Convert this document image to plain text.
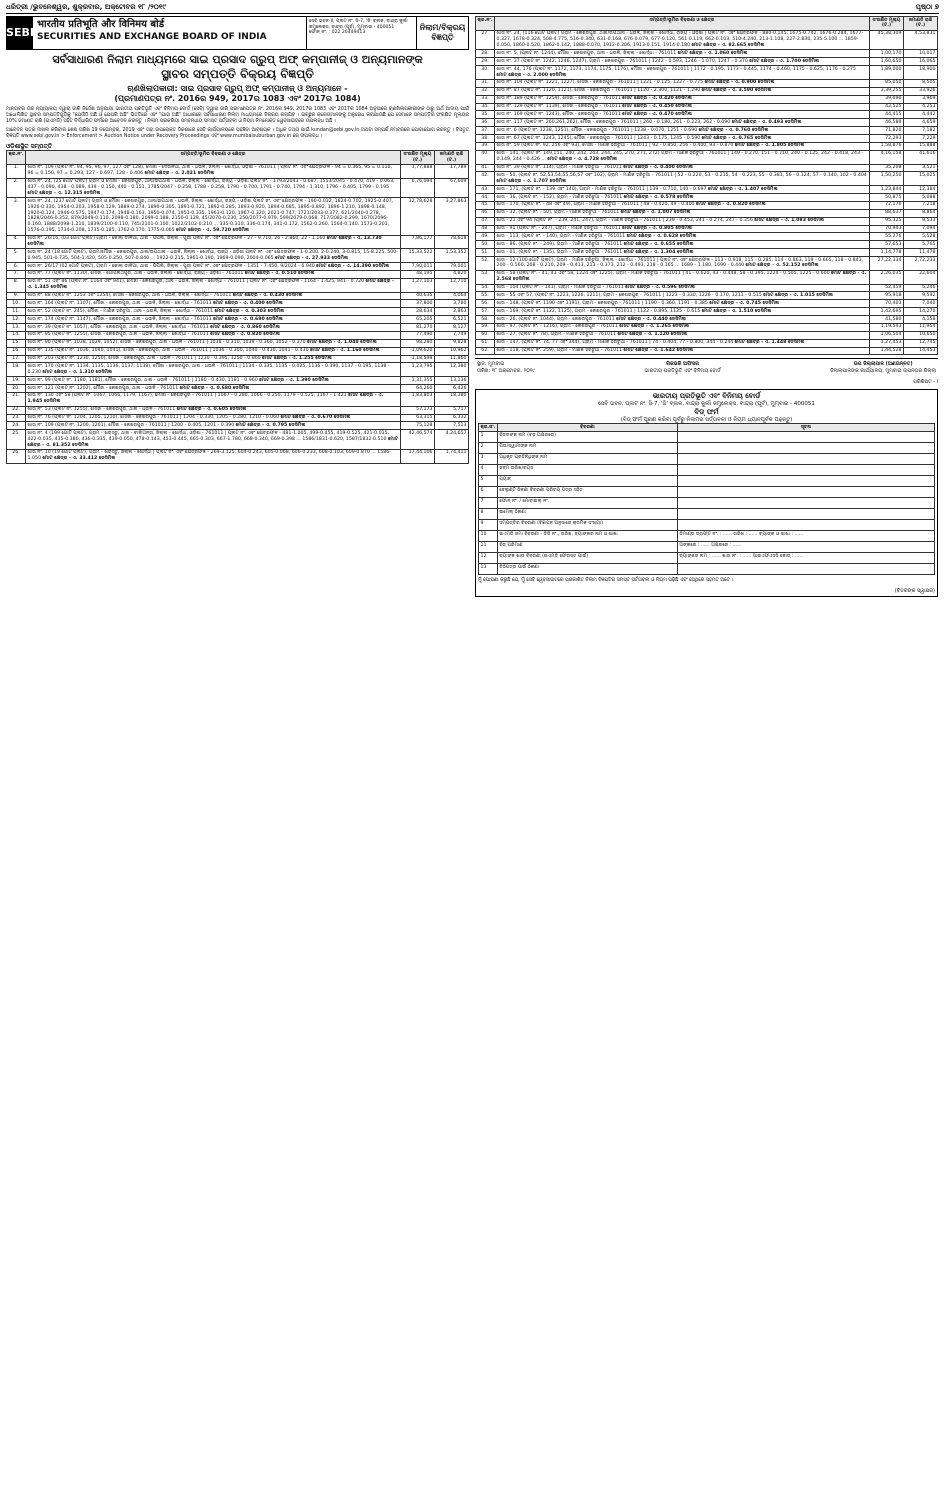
ଧରିତ୍ରୀ ‌/ଭୁବନେଶ୍ୱର, ଶୁକ୍ରବାର, ଅକ୍ଟୋବର ୧୮ /୨୦୧୯	ପୃଷ୍ଠା ୭
SEBI
भारतीय प्रतिभूति और विनिमय बोर्ड
SECURITIES AND EXCHANGE BOARD OF INDIA
ସେବି ଭବନ-II, ପ୍ଲଟ ନଂ. ସି-7, 'ଜି' ବ୍ଲକ, ବାନ୍ଦ୍ରା କୁର୍ଲା କମ୍ପ୍ଲେକ୍ସ, ବାନ୍ଦ୍ରା (ପୂର୍ବ), ମୁମ୍ବାଇ - 400051
ଫୋନ୍ ନଂ. : 022 26449413
ନିଲାମ/ବିକ୍ରୟ ବିଜ୍ଞପ୍ତି
ସର୍ବସାଧାରଣ ନିଲାମ ମାଧ୍ୟମରେ ସାଇ ପ୍ରସାଦ ଗ୍ରୁପ୍ ଅଫ୍ କମ୍ପାନୀଜ୍ ଓ ଅନ୍ୟମାନଙ୍କ
ସ୍ଥାବର ସମ୍ପତ୍ତି ବିକ୍ରୟ ବିଜ୍ଞପ୍ତି
ଋଣଖିଲାପକାରୀ: ସାଇ ପ୍ରସାଦ ଗ୍ରୁପ୍ ଅଫ୍ କମ୍ପାନୀଜ୍ ଓ ଅନ୍ୟମାନେ -
(ପ୍ରମାଣପତ୍ର ନଂ. 2016ର 949, 2017ର 1083 ଏବଂ 2017ର 1084)

ମାନ୍ୟବର ଉଚ୍ଚ ନ୍ୟାୟାଳୟ ଦ୍ୱାରା ଜାରି ନିର୍ଦ୍ଦେଶ ଅନୁଯାୟୀ ଭାରତୀୟ ପ୍ରତିଭୂତି ଏବଂ ବିନିମୟ ବୋର୍ଡ (ସେବି) ଦ୍ୱାରା ଜାରି ପ୍ରମାଣପତ୍ର ନଂ. 2016ର 949, 2017ର 1083 ଏବଂ 2017ର 1084 ଅନୁସାରେ ଋଣଖିଲାପକାରୀଙ୍କ ଠାରୁ ଅର୍ଥ ଆଦାୟ ପାଇଁ ଅଧୋଲିଖିତ ସ୍ଥାବର ସମ୍ପତ୍ତିଗୁଡ଼ିକୁ "ଯେଉଁଠି ଅଛି ଓ ଯେପରି ଅଛି" ଭିତ୍ତିରେ ଏବଂ "ଯାହା ଅଛି" ଆଧାରରେ ସର୍ବସାଧାରଣ ନିଲାମ ମାଧ୍ୟମରେ ବିକ୍ରୟ କରାଯିବ । ଇଚ୍ଛୁକ କ୍ରେତାମାନଙ୍କୁ ଅନୁରୋଧ କରାଯାଉଛି ଯେ ସେମାନେ ସମ୍ପତ୍ତିର ସଂରକ୍ଷିତ ମୂଲ୍ୟର 10% ଜମାଣତ ରାଶି (ଇଏମଡି) ସହିତ ନିର୍ଦ୍ଧାରିତ ଫର୍ମରେ ଆବେଦନ କରନ୍ତୁ । ନିଲାମ ପ୍ରକ୍ରିୟା ସମ୍ବନ୍ଧୀୟ ସମସ୍ତ ସର୍ତ୍ତାବଳୀ ଓ ନିୟମ ନିମ୍ନୋକ୍ତ ୱେବସାଇଟରେ ଉପଲବ୍ଧ ଅଛି ।

ଆବେଦନ ପତ୍ର ଦାଖଲ କରିବାର ଶେଷ ତାରିଖ 19 ନଭେମ୍ବର, 2019 ଏବଂ ତାହା ଉପରୋକ୍ତ ଠିକଣାରେ ସେବି କାର୍ଯ୍ୟାଳୟରେ ପହଞ୍ଚିବା ଆବଶ୍ୟକ । ଅଧିକ ତଥ୍ୟ ପାଇଁ kundan@sebi.gov.in ଅଥବା ସମ୍ପର୍କ ନମ୍ବରରେ ଯୋଗାଯୋଗ କରନ୍ତୁ । ବିସ୍ତୃତ ବିଜ୍ଞପ୍ତି www.sebi.gov.in > Enforcement > Auction Notice under Recovery Proceedings ଏବଂ www.mumbaisuburban.gov.in ରେ ଉପଲବ୍ଧ ।

ଓଡ଼ିଶାସ୍ଥିତ ସମ୍ପତ୍ତି
କ୍ର.ନଂ.	ସମ୍ପତ୍ତି/ଭୂମିର ବିବରଣୀ ଓ କ୍ଷେତ୍ର	ସଂରକ୍ଷିତ ମୂଲ୍ୟ (ଟ.)	ଜମାଣତି ରାଶି (ଟ.)
1.	ଖାତା ନଂ. 109 (ପ୍ଲଟ ନଂ. 94, 95, 96, 97, 127 ଏବଂ 128), ମୌଜା - ଦେଉଳିଆ, ଥାନା - ଧଉଳି, ଜିଲ୍ଲା - ଖୋର୍ଦ୍ଧା, ଓଡ଼ିଶା - 761011 | ପ୍ଲଟ ନଂ. ଏବଂ କ୍ଷେତ୍ରଫଳ - 94 = 0.365, 95 = 0.110, 96 = 0.150, 97 = 0.293, 127 - 0.697, 128 - 0.406 ମୋଟ କ୍ଷେତ୍ର - ଏ. 2.021 ଡେସିମିଲ	1,77,888	17,789
2.	ଖାତା ନଂ. 24, (25 ଗୋଟି ପ୍ଲଟ) ଗ୍ରାମ ଓ ମୌଜା - କେଶରପୁର, ଥାନା/ଉପଥାନା - ଧଉଳି, ଜିଲ୍ଲା - ଖୋର୍ଦ୍ଧା, ରାଜ୍ୟ - ଓଡ଼ିଶା ପ୍ଲଟ ନଂ. - 1793/2043 - 0.687, 1553/2045 - 0.470, 419 - 0.063, 437 - 0.090, 438 - 0.089, 439 - 0.150, 440 - 0.151, 1785/2047 - 0.258, 1788 - 0.258, 1790 - 0.700, 1791 - 0.740, 1794 - 1.310, 1796 - 0.405, 1799 - 0.195 ମୋଟ କ୍ଷେତ୍ର - ଏ. 12.315 ଡେସିମିଲ	6,76,094	67,609
3.	ଖାତା ନଂ. 24, (237 ଗୋଟି ପ୍ଲଟ) ଗ୍ରାମ ଓ ମୌଜା - କେଶରପୁର, ଥାନା/ଉପଥାନା - ଧଉଳି, ଜିଲ୍ଲା - ଖୋର୍ଦ୍ଧା, ରାଜ୍ୟ - ଓଡ଼ିଶା ପ୍ଲଟ ନଂ. ଏବଂ କ୍ଷେତ୍ରଫଳ - 190-0.032, 1824-0.702, 1925-0.407, 1926-0.330, 1954-0.203, 1958-0.129, 1889-0.274, 1890-0.305, 1891-0.721, 1892-0.285, 1893-0.920, 1894-0.685, 1895-0.892, 1896-1.210, 1898-0.148, 1920-0.124, 1946-0.575, 1947-0.174, 1948-0.163, 1950-0.074, 1951-0.335, 1963-0.120, 1967-0.320, 2021-0.747, 1721/2033-0.377, 621/2040-0.278, 1828/2046-0.252, 879/2049-0.110, 2098-0.180, 2099-0.188, 2150-0.129, 45/2070-0.230, 250/2077-0.979, 599/2079-0.068, 717/2082-0.299, 1670/2096-0.160, 1888/2098-1.210, 1839/2100-0.110, 745/2101-0.100, 1022/2102-0.210 ... 335-0.310, 336-0.174, 341-0.172, 1562-0.260, 1564-0.140, 1573-0.201, 1576-0.195, 1734-0.208, 1735-0.185, 1762-0.170, 1775-0.065 ମୋଟ କ୍ଷେତ୍ର - ଏ. 59.720 ଡେସିମିଲ	32,78,628	3,27,863
4.	ଖାତା ନଂ. 26/16, (03 ଗୋଟି ପ୍ଲଟ) ଗ୍ରାମ - କୋଲା ଡାଳିଆ, ଥାନା - ପିପିଲି, ଜିଲ୍ଲା - ପୁରୀ ପ୍ଲଟ ନଂ. ଏବଂ କ୍ଷେତ୍ରଫଳ - 27 - 9.710, 26 - 2.860, 22 - 1.160 ମୋଟ କ୍ଷେତ୍ର - ଏ. 13.730 ଡେସିମିଲ	7,86,177	78,618
5.	ଖାତା ନଂ. 24 (18 ଗୋଟି ପ୍ଲଟ), ଗ୍ରାମ/ମୌଜା - କେଶରପୁର, ଥାନା/ଉପଥାନା - ଧଉଳି, ଜିଲ୍ଲା - ଖୋର୍ଦ୍ଧା, ରାଜ୍ୟ - ଓଡ଼ିଶା ପ୍ଲଟ ନଂ. ଏବଂ କ୍ଷେତ୍ରଫଳ - 1-0.200, 2-0.240, 3-0.815, 15-8.225, 500-0.945, 501-0.735, 504-1.420, 505-0.250, 507-0.840 ... 1922-0.215, 1961-0.190, 1969-0.090, 2004-0.065 ମୋଟ କ୍ଷେତ୍ର - ଏ. 27.933 ଡେସିମିଲ	15,33,522	1,53,352
6.	ଖାତା ନଂ. 26/17 (02 ଗୋଟି ପ୍ଲଟ), ଗ୍ରାମ - କୋଲା ଡାଳିଆ, ଥାନା - ପିପିଲି, ଜିଲ୍ଲା - ପୁରୀ ପ୍ଲଟ ନଂ. ଏବଂ କ୍ଷେତ୍ରଫଳ - 1351 - 7.450, 9/2024 - 6.940 ମୋଟ କ୍ଷେତ୍ର - ଏ. 14.390 ଡେସିମିଲ	7,90,011	79,001
7.	ଖାତା ନଂ. 77 (ପ୍ଲଟ ନଂ. 1130), ମୌଜା - ଗୋପିନାଥପୁର, ଥାନା - ଧଉଳି, ଜିଲ୍ଲା - ଖୋର୍ଦ୍ଧା, ରାଜ୍ୟ - ଓଡ଼ିଶା - 761011 ମୋଟ କ୍ଷେତ୍ର - ଏ. 0.510 ଡେସିମିଲ	48,195	4,820
8.	ଖାତା ନଂ. 51 ଏବଂ 86 (ପ୍ଲଟ ନଂ. 1164 ଏବଂ 941), ମୌଜା - କେଶରପୁର, ଥାନା - ଧଉଳି, ଜିଲ୍ଲା - ଖୋର୍ଦ୍ଧା - 761011 | ପ୍ଲଟ ନଂ. ଏବଂ କ୍ଷେତ୍ରଫଳ - 1164 - 1.425, 941 - 0.720 ମୋଟ କ୍ଷେତ୍ର - ଏ. 1.345 ଡେସିମିଲ	1,27,103	12,710
9.	ଖାତା ନଂ. 88 (ପ୍ଲଟ ନଂ. 1253 ଏବଂ 1254), ମୌଜା - କେଶରପୁର, ଥାନା - ଧଉଳି, ଜିଲ୍ଲା - ଖୋର୍ଦ୍ଧା - 761011 ମୋଟ କ୍ଷେତ୍ର - ଏ. 0.430 ଡେସିମିଲ	40,635	4,064
10.	ଖାତା ନଂ. 164 (ପ୍ଲଟ ନଂ. 1107), ମୌଜା - କେଶରପୁର, ଥାନା - ଧଉଳି, ଜିଲ୍ଲା - ଖୋର୍ଦ୍ଧା - 761011 ମୋଟ କ୍ଷେତ୍ର - ଏ. 0.400 ଡେସିମିଲ	37,800	3,780
11.	ଖାତା ନଂ. 52 (ପ୍ଲଟ ନଂ. 245), ମୌଜା - ମାଣିକ ହରିଚୁଆ, ଥାନା - ଧଉଳି, ଜିଲ୍ଲା - ଖୋର୍ଦ୍ଧା - 761011 ମୋଟ କ୍ଷେତ୍ର - ଏ. 0.303 ଡେସିମିଲ	28,634	2,863
12.	ଖାତା ନଂ. 174 (ପ୍ଲଟ ନଂ. 1147), ମୌଜା - କେଶରପୁର, ଥାନା - ଧଉଳି, ଜିଲ୍ଲା - ଖୋର୍ଦ୍ଧା - 761011 ମୋଟ କ୍ଷେତ୍ର - ଏ. 0.690 ଡେସିମିଲ	65,205	6,521
13.	ଖାତା ନଂ. 39 (ପ୍ଲଟ ନଂ. 1057), ମୌଜା - କେଶରପୁର, ଥାନା - ଧଉଳି, ଜିଲ୍ଲା - ଖୋର୍ଦ୍ଧା - 761011 ମୋଟ କ୍ଷେତ୍ର - ଏ. 0.860 ଡେସିମିଲ	81,270	8,127
14.	ଖାତା ନଂ. 95 (ପ୍ଲଟ ନଂ. 1255), ମୌଜା - କେଶରପୁର, ଥାନା - ଧଉଳି, ଜିଲ୍ଲା - ଖୋର୍ଦ୍ଧା - 761011 ମୋଟ କ୍ଷେତ୍ର - ଏ. 0.820 ଡେସିମିଲ	77,490	7,749
15.	ଖାତା ନଂ. 90 (ପ୍ଲଟ ନଂ. 1038, 1039, 1052), ମୌଜା - କେଶରପୁର, ଥାନା - ଧଉଳି - 761011 | 1038 - 0.310, 1039 - 0.360, 1052 - 0.370 ମୋଟ କ୍ଷେତ୍ର - ଏ. 1.040 ଡେସିମିଲ	98,280	9,828
16.	ଖାତା ନଂ. 135 (ପ୍ଲଟ ନଂ. 1036, 1040, 1041), ମୌଜା - କେଶରପୁର, ଥାନା - ଧଉଳି - 761011 | 1036 - 0.300, 1040 - 0.430, 1041 - 0.430 ମୋଟ କ୍ଷେତ୍ର - ଏ. 1.160 ଡେସିମିଲ	1,09,620	10,962
17.	ଖାତା ନଂ. 203 (ପ୍ଲଟ ନଂ. 1230, 1250), ମୌଜା - କେଶରପୁର, ଥାନା - ଧଉଳି - 761011 | 1230 - 0.395, 1250 - 0.860 ମୋଟ କ୍ଷେତ୍ର - ଏ. 1.255 ଡେସିମିଲ	1,18,598	11,860
18.	ଖାତା ନଂ. 170 (ପ୍ଲଟ ନଂ. 1134, 1135, 1136, 1137, 1138), ମୌଜା - କେଶରପୁର, ଥାନା - ଧଉଳି - 761011 | 1134 - 0.335, 1135 - 0.025, 1136 - 0.390, 1137 - 0.195, 1138 - 0.230 ମୋଟ କ୍ଷେତ୍ର - ଏ. 1.310 ଡେସିମିଲ	1,23,795	12,380
19.	ଖାତା ନଂ. 99 (ପ୍ଲଟ ନଂ. 1180, 1181), ମୌଜା - କେଶରପୁର, ଥାନା - ଧଉଳି - 761011 | 1180 - 0.430, 1181 - 0.960 ମୋଟ କ୍ଷେତ୍ର - ଏ. 1.390 ଡେସିମିଲ	1,31,355	13,136
20.	ଖାତା ନଂ. 121 (ପ୍ଲଟ ନଂ. 1202), ମୌଜା - କେଶରପୁର, ଥାନା - ଧଉଳି - 761011 ମୋଟ କ୍ଷେତ୍ର - ଏ. 0.680 ଡେସିମିଲ	64,260	6,426
21.	ଖାତା ନଂ. 130 ଏବଂ 58 (ପ୍ଲଟ ନଂ. 1067, 1066, 1179, 1167), ମୌଜା - କେଶରପୁର - 761011 | 1067 - 0.280, 1066 - 0.250, 1179 - 0.525, 1167 - 1.421 ମୋଟ କ୍ଷେତ୍ର - ଏ. 1.945 ଡେସିମିଲ	1,83,803	18,380
22.	ଖାତା ନଂ. 53 (ପ୍ଲଟ ନଂ. 1255), ମୌଜା - କେଶରପୁର, ଥାନା - ଧଉଳି - 761011 ମୋଟ କ୍ଷେତ୍ର - ଏ. 0.605 ଡେସିମିଲ	57,173	5,717
23.	ଖାତା ନଂ. 76 (ପ୍ଲଟ ନଂ. 1204, 1205, 1210), ମୌଜା - କେଶରପୁର - 761011 | 1204 - 0.330, 1205 - 0.280, 1210 - 0.060 ମୋଟ କ୍ଷେତ୍ର - ଏ. 0.670 ଡେସିମିଲ	63,315	6,332
24.	ଖାତା ନଂ. 109 (ପ୍ଲଟ ନଂ. 1200, 1201), ମୌଜା - କେଶରପୁର - 761011 | 1200 - 0.405, 1201 - 0.390 ମୋଟ କ୍ଷେତ୍ର - ଏ. 0.795 ଡେସିମିଲ	75,128	7,513
25.	ଖାତା ନଂ. 4 (199 ଗୋଟି ପ୍ଲଟ), ଗ୍ରାମ - ଖରାସ୍ତୁ, ଥାନା - ବାଲିଅନ୍ତା, ଜିଲ୍ଲା - ଖୋର୍ଦ୍ଧା, ଓଡ଼ିଶା - 761011 | ପ୍ଲଟ ନଂ. ଏବଂ କ୍ଷେତ୍ରଫଳ - 481-1.005, 499-0.455, 419-0.525, 421-0.035, 422-0.035, 435-0.380, 436-0.335, 439-0.050, 478-0.143, 453-0.445, 665-0.303, 667-1.780, 668-0.340, 669-0.398 ... 1586/1831-0.620, 1587/1832-0.510 ମୋଟ କ୍ଷେତ୍ର - ଏ. 81.352 ଡେସିମିଲ	42,46,574	4,24,657
26.	ଖାତା ନଂ. 10 (19 ଗୋଟି ପ୍ଲଟ), ଗ୍ରାମ - ଖରାସ୍ତୁ, ଜିଲ୍ଲା - ଖୋର୍ଦ୍ଧା | ପ୍ଲଟ ନଂ. ଏବଂ କ୍ଷେତ୍ରଫଳ - 269-3.125, 604-0.243, 605-0.068, 606-0.233, 608-0.103, 609-0.870 ... 1586-1.050 ମୋଟ କ୍ଷେତ୍ର - ଏ. 33.412 ଡେସିମିଲ	17,44,106	1,74,411
କ୍ର.ନଂ.	ସମ୍ପତ୍ତି/ଭୂମିର ବିବରଣୀ ଓ କ୍ଷେତ୍ର	ସଂରକ୍ଷିତ ମୂଲ୍ୟ (ଟ.)	ଜମାଣତି ରାଶି (ଟ.)
27.	ଖାତା ନଂ. 24, (116 ଗୋଟି ପ୍ଲଟ) ଗ୍ରାମ - କେଶରପୁର, ଥାନା/ଉପଥାନା - ଧଉଳି, ଜିଲ୍ଲା - ଖୋର୍ଦ୍ଧା, ରାଜ୍ୟ - ଓଡ଼ିଶା | ପ୍ଲଟ ନଂ. ଏବଂ କ୍ଷେତ୍ରଫଳ - 880-0.145, 1675-0.742, 1676-0.284, 1677-0.327, 1678-0.324, 508-4.775, 516-0.340, 631-0.168, 676-0.079, 677-0.120, 561-0.119, 662-0.103, 510-4.240, 213-1.108, 227-2.830, 235-5.100 ... 1859-0.050, 1860-0.520, 1862-0.142, 1888-0.070, 1912-0.206, 1913-0.151, 1914-0.180 ମୋଟ କ୍ଷେତ୍ର - ଏ. 82.665 ଡେସିମିଲ	45,38,309	4,53,831
28.	ଖାତା ନଂ. 5, (ପ୍ଲଟ ନଂ. 1244), ମୌଜା - କେଶରପୁର, ଥାନା - ଧଉଳି, ଜିଲ୍ଲା - ଖୋର୍ଦ୍ଧା - 761011 ମୋଟ କ୍ଷେତ୍ର - ଏ. 1.060 ଡେସିମିଲ	1,00,170	10,017
29.	ଖାତା ନଂ. 37 (ପ୍ଲଟ ନଂ. 1242, 1246, 1247), ଗ୍ରାମ - କେଶରପୁର - 761011 | 1242 - 0.593, 1246 - 1.070, 1247 - 0.370 ମୋଟ କ୍ଷେତ୍ର - ଏ. 1.700 ଡେସିମିଲ	1,60,650	16,065
30.	ଖାତା ନଂ. 44, 176 (ପ୍ଲଟ ନଂ. 1172, 1173, 1174, 1175, 1176), ମୌଜା - କେଶରପୁର - 761011 | 1172 - 0.195, 1173 - 0.445, 1174 - 0.460, 1175 - 0.625, 1176 - 0.275 ମୋଟ କ୍ଷେତ୍ର - ଏ. 2.000 ଡେସିମିଲ	1,89,000	18,900
31.	ଖାତା ନଂ. 104 (ପ୍ଲଟ ନଂ. 1221, 1227), ମୌଜା - କେଶରପୁର - 761011 | 1221 - 0.125, 1227 - 0.775 ମୋଟ କ୍ଷେତ୍ର - ଏ. 0.900 ଡେସିମିଲ	85,050	8,505
32.	ଖାତା ନଂ. 87 (ପ୍ଲଟ ନଂ. 1120, 1121), ମୌଜା - କେଶରପୁର - 761011 | 1120 - 2.300, 1121 - 1.290 ମୋଟ କ୍ଷେତ୍ର - ଏ. 3.590 ଡେସିମିଲ	3,39,255	33,926
33.	ଖାତା ନଂ. 189 (ପ୍ଲଟ ନଂ. 1259), ମୌଜା - କେଶରପୁର - 761011 ମୋଟ କ୍ଷେତ୍ର - ଏ. 0.420 ଡେସିମିଲ	39,690	3,969
34.	ଖାତା ନଂ. 129 (ପ୍ଲଟ ନଂ. 1139), ମୌଜା - କେଶରପୁର - 761011 ମୋଟ କ୍ଷେତ୍ର - ଏ. 0.450 ଡେସିମିଲ	42,525	4,253
35.	ଖାତା ନଂ. 169 (ପ୍ଲଟ ନଂ. 1243), ମୌଜା - କେଶରପୁର - 761011 ମୋଟ କ୍ଷେତ୍ର - ଏ. 0.470 ଡେସିମିଲ	44,415	4,442
36.	ଖାତା ନଂ. 117 (ପ୍ଲଟ ନଂ. 260,261,262), ମୌଜା - କେଶରପୁର - 761011 | 260 - 0.180, 261 - 0.223, 262 - 0.090 ମୋଟ କ୍ଷେତ୍ର - ଏ. 0.493 ଡେସିମିଲ	46,589	4,659
37.	ଖାତା ନଂ. 6 (ପ୍ଲଟ ନଂ. 1238, 1251), ମୌଜା - କେଶରପୁର - 761011 | 1238 - 0.070, 1251 - 0.690 ମୋଟ କ୍ଷେତ୍ର - ଏ. 0.760 ଡେସିମିଲ	71,820	7,182
38.	ଖାତା ନଂ. 67 (ପ୍ଲଟ ନଂ. 1243, 1245), ମୌଜା - କେଶରପୁର - 761011 | 1243 - 0.175, 1245 - 0.590 ମୋଟ କ୍ଷେତ୍ର - ଏ. 0.765 ଡେସିମିଲ	72,293	7,229
39.	ଖାତା ନଂ. 59 (ପ୍ଲଟ ନଂ. 92, 256 ଏବଂ 93), ମୌଜା - ମାଣିକ ହରିଚୁଆ - 761011 | 92 - 0.850, 256 - 0.400, 93 - 0.870 ମୋଟ କ୍ଷେତ୍ର - ଏ. 1.805 ଡେସିମିଲ	1,58,876	15,888
40.	ଖାତା - 141, (ପ୍ଲଟ ନଂ. 149,151, 240, 242, 243, 244, 245, 270, 271, 272) ଗ୍ରାମ - ମାଣିକ ହରିଚୁଆ - 761011 | 149 - 0.270, 151 - 0.710, 240 - 0.125, 242 - 0.418, 243 - 0.149, 244 - 0.426 ... ମୋଟ କ୍ଷେତ୍ର - ଏ. 4.728 ଡେସିମିଲ	4,16,158	41,616
41.	ଖାତା ନଂ. 39 (ପ୍ଲଟ ନଂ. 114), ଗ୍ରାମ - ମାଣିକ ହରିଚୁଆ - 761011 ମୋଟ କ୍ଷେତ୍ର - ଏ. 0.400 ଡେସିମିଲ	35,208	3,521
42.	ଖାତା - 50, (ପ୍ଲଟ ନଂ. 52,53,54,55,56,57 ଏବଂ 102), ଗ୍ରାମ - ମାଣିକ ହରିଚୁଆ - 761011 | 52 - 0.220, 53 - 0.215, 54 - 0.223, 55 - 0.381, 56 - 0.124, 57 - 0.140, 102 - 0.404 ମୋଟ କ୍ଷେତ୍ର - ଏ. 1.707 ଡେସିମିଲ	1,50,250	15,025
43.	ଖାତା - 171, (ପ୍ଲଟ ନଂ. - 139 ଏବଂ 140), ଗ୍ରାମ - ମାଣିକ ହରିଚୁଆ - 761011 | 139 - 0.710, 140 - 0.697 ମୋଟ କ୍ଷେତ୍ର - ଏ. 1.407 ଡେସିମିଲ	1,23,844	12,384
44.	ଖାତା - 36, (ପ୍ଲଟ ନଂ. - 152), ଗ୍ରାମ - ମାଣିକ ହରିଚୁଆ - 761011 ମୋଟ କ୍ଷେତ୍ର - ଏ. 0.578 ଡେସିମିଲ	50,875	5,088
45.	ଖାତା - 170, (ପ୍ଲଟ ନଂ. - 48 ଏବଂ 49), ଗ୍ରାମ - ମାଣିକ ହରିଚୁଆ - 761011 | 48 - 0.420, 49 - 0.400 ମୋଟ କ୍ଷେତ୍ର - ଏ. 0.820 ଡେସିମିଲ	72,176	7,218
46.	ଖାତା - 32, (ପ୍ଲଟ ନଂ. - 50), ଗ୍ରାମ - ମାଣିକ ହରିଚୁଆ - 761011 ମୋଟ କ୍ଷେତ୍ର - ଏ. 1.007 ଡେସିମିଲ	88,637	8,864
47.	ଖାତା - 21 ଏବଂ 94 (ପ୍ଲଟ ନଂ. - 239, 241, 247), ଗ୍ରାମ - ମାଣିକ ହରିଚୁଆ - 761011 | 239 - 0.453, 241 - 0.274, 247 - 0.356 ମୋଟ କ୍ଷେତ୍ର - ଏ. 1.083 ଡେସିମିଲ	95,325	9,533
48.	ଖାତା - 91 (ପ୍ଲଟ ନଂ. - 247), ଗ୍ରାମ - ମାଣିକ ହରିଚୁଆ - 761011 ମୋଟ କ୍ଷେତ୍ର - ଏ. 0.805 ଡେସିମିଲ	70,943	7,094
49.	ଖାତା - 113, (ପ୍ଲଟ ନଂ. - 140), ଗ୍ରାମ - ମାଣିକ ହରିଚୁଆ - 761011 ମୋଟ କ୍ଷେତ୍ର - ଏ. 0.628 ଡେସିମିଲ	55,276	5,528
50.	ଖାତା - 86, (ପ୍ଲଟ ନଂ. - 249), ଗ୍ରାମ - ମାଣିକ ହରିଚୁଆ - 761011 ମୋଟ କ୍ଷେତ୍ର - ଏ. 0.655 ଡେସିମିଲ	57,653	5,765
51.	ଖାତା - 01, (ପ୍ଲଟ ନଂ. - 135), ଗ୍ରାମ - ମାଣିକ ହରିଚୁଆ - 761011 ମୋଟ କ୍ଷେତ୍ର - ଏ. 1.304 ଡେସିମିଲ	1,14,778	11,478
52.	ଖାତା - 12 (100 ଗୋଟି ପ୍ଲଟ), ଗ୍ରାମ - ମାଣିକ ହରିଚୁଆ, ଜିଲ୍ଲା - ଖୋର୍ଦ୍ଧା - 761011 | ପ୍ଲଟ ନଂ. ଏବଂ କ୍ଷେତ୍ରଫଳ - 113 - 0.918, 115 - 0.285, 114 - 0.863, 119 - 0.665, 118 - 0.843, 200 - 0.560, 208 - 0.210, 209 - 0.413, 213 - 0.373, 212 - 0.493, 218 - 0.165 ... 1689 - 1.180, 1690 - 0.440 ମୋଟ କ୍ଷେତ୍ର - ଏ. 52.152 ଡେସିମିଲ	27,22,334	2,72,233
53.	ଖାତା - 58 (ପ୍ଲଟ ନଂ. - 41, 43 ଏବଂ 58, 1224 ଏବଂ 1225), ଗ୍ରାମ - ମାଣିକ ହରିଚୁଆ - 761011 | 41 - 0.620, 43 - 0.448, 58 - 0.395, 1224 - 0.505, 1225 - 0.600 ମୋଟ କ୍ଷେତ୍ର - ଏ. 2.568 ଡେସିମିଲ	2,26,035	22,604
54.	ଖାତା - 104 (ପ୍ଲଟ ନଂ. - 141), ଗ୍ରାମ - ମାଣିକ ହରିଚୁଆ - 761011 ମୋଟ କ୍ଷେତ୍ର - ଏ. 0.596 ଡେସିମିଲ	52,459	5,246
55.	ଖାତା - 55 ଏବଂ 57, (ପ୍ଲଟ ନଂ. 1223, 1226, 1211), ଗ୍ରାମ - କେଶରପୁର - 761011 | 1223 - 0.330, 1226 - 0.170, 1211 - 0.515 ମୋଟ କ୍ଷେତ୍ର - ଏ. 1.015 ଡେସିମିଲ	95,918	9,592
56.	ଖାତା - 148, (ପ୍ଲଟ ନଂ. 1190 ଏବଂ 1191), ଗ୍ରାମ - କେଶରପୁର - 761011 | 1190 - 0.360, 1191 - 0.385 ମୋଟ କ୍ଷେତ୍ର - ଏ. 0.745 ଡେସିମିଲ	70,403	7,040
57.	ଖାତା - 169, (ପ୍ଲଟ ନଂ. 1122, 1125), ଗ୍ରାମ - କେଶରପୁର - 761011 | 1122 - 0.895, 1125 - 0.615 ମୋଟ କ୍ଷେତ୍ର - ଏ. 1.510 ଡେସିମିଲ	1,42,695	14,270
58.	ଖାତା - 26, (ପ୍ଲଟ ନଂ. 1044), ଗ୍ରାମ - କେଶରପୁର - 761011 ମୋଟ କ୍ଷେତ୍ର - ଏ. 0.440 ଡେସିମିଲ	41,580	4,158
59.	ଖାତା - 97, (ପ୍ଲଟ ନଂ. - 1216), ଗ୍ରାମ - କେଶରପୁର - 761011 ମୋଟ କ୍ଷେତ୍ର - ଏ. 1.265 ଡେସିମିଲ	1,19,543	11,954
60.	ଖାତା - 27, (ପ୍ଲଟ ନଂ. 78), ଗ୍ରାମ - ମାଣିକ ହରିଚୁଆ - 761011 ମୋଟ କ୍ଷେତ୍ର - ଏ. 1.120 ଡେସିମିଲ	1,06,504	10,650
61.	ଖାତା - 147, (ପ୍ଲଟ ନଂ. 74, 77 ଏବଂ 344), ଗ୍ରାମ - ମାଣିକ ହରିଚୁଆ - 761011 | 74 - 0.404, 77 - 0.800, 344 - 0.244 ମୋଟ କ୍ଷେତ୍ର - ଏ. 1.448 ଡେସିମିଲ	1,27,453	12,745
62.	ଖାତା - 118, (ପ୍ଲଟ ନଂ. 259), ଗ୍ରାମ - ମାଣିକ ହରିଚୁଆ - 761011 ମୋଟ କ୍ଷେତ୍ର - ଏ. 1.642 ଡେସିମିଲ	1,44,528	14,453
ସ୍ଥାନ: ମୁମ୍ବାଇ
ତାରିଖ: ୧୮ ଅକ୍ଟୋବର, ୨୦୧୯
ରିକଭରି ଅଫିସର
ଭାରତୀୟ ପ୍ରତିଭୂତି ଏବଂ ବିନିମୟ ବୋର୍ଡ
ଉପ ଜିଲ୍ଲାପାଳ (ଅଣଉନ୍ନତ)
ଜିଲ୍ଲାପାଳଙ୍କ କାର୍ଯ୍ୟାଳୟ, ମୁମ୍ବାଇ ଉପନଗର ଜିଲ୍ଲା
ପରିଶିଷ୍ଟ - I
ଭାରତୀୟ ପ୍ରତିଭୂତି ଏବଂ ବିନିମୟ ବୋର୍ଡ
ସେବି ଭବନ, ପ୍ଲଟ ନଂ. ସି-7, 'ଜି' ବ୍ଲକ, ବାନ୍ଦ୍ରା କୁର୍ଲା କମ୍ପ୍ଲେକ୍ସ, ବାନ୍ଦ୍ରା (ପୂର୍ବ), ମୁମ୍ବାଇ - 400051
ବିଡ୍ ଫର୍ମ
(ବିଡ୍ ଫର୍ମ ପୂରଣ କରିବା ପୂର୍ବରୁ ନିଲାମର ସର୍ତ୍ତାବଳୀ ଓ ନିୟମ ଧ୍ୟାନପୂର୍ବକ ପଢ଼ନ୍ତୁ)
କ୍ର.ସଂ.	ବିବରଣୀ	ସୂଚନା
1	ବିଡରଙ୍କ ନାମ (ବଡ଼ ଅକ୍ଷରରେ)	
2	ପିତା/ସ୍ୱାମୀଙ୍କ ନାମ	
3	ଅଧିକୃତ ପ୍ରତିନିଧିଙ୍କ ନାମ	
4	ଜନ୍ମ ତାରିଖ/ବୟସ	
5	ପ୍ୟାନ୍	
6	ବେଲୁଣ୍ଟି ଠିକଣା ବିବରଣୀ ପରିଚୟ ପତ୍ର ସହିତ	
7	ଫୋନ୍ ନଂ. / ମୋବାଇଲ୍ ନଂ.	
8	ଇମେଲ୍ ଠିକଣା	
9	ସମ୍ପତ୍ତିର ବିବରଣୀ (ବିଜ୍ଞାପନ ଅନୁସାରେ କ୍ରମିକ ସଂଖ୍ୟା)	
10	ଇଏମଡି ଜମା ବିବରଣୀ - ଡିଡି ନଂ., ତାରିଖ, ବ୍ୟାଙ୍କର ନାମ ଓ ଶାଖା	ଡିମାଣ୍ଡ ଡ୍ରାଫ୍ଟ ନଂ. : ...... ତାରିଖ : ...... ବ୍ୟାଙ୍କ ଓ ଶାଖା : ......
11	ବିଡ୍ ପରିମାଣ	ଅଙ୍କରେ : ...... ଅକ୍ଷରରେ : ......
12	ବ୍ୟାଙ୍କ ଖାତା ବିବରଣୀ (ଇଏମଡି ଫେରସ୍ତ ପାଇଁ)	ବ୍ୟାଙ୍କର ନାମ : ...... ଖାତା ନଂ. : ...... ଆଇଏଫଏସସି କୋଡ୍ : ......
13	ଚିଠିପତ୍ର ପାଇଁ ଠିକଣା	

ମୁଁ ଘୋଷଣା କରୁଛି ଯେ, ମୁଁ ସେବି ୱେବସାଇଟରେ ପ୍ରକାଶିତ ନିଲାମ ବିଜ୍ଞପ୍ତିର ସମସ୍ତ ସର୍ତ୍ତାବଳୀ ଓ ନିୟମ ପଢ଼ିଛି ଏବଂ ସେଥିରେ ସହମତ ଅଟେ ।

(ବିଡରଙ୍କ ସ୍ୱାକ୍ଷର)
